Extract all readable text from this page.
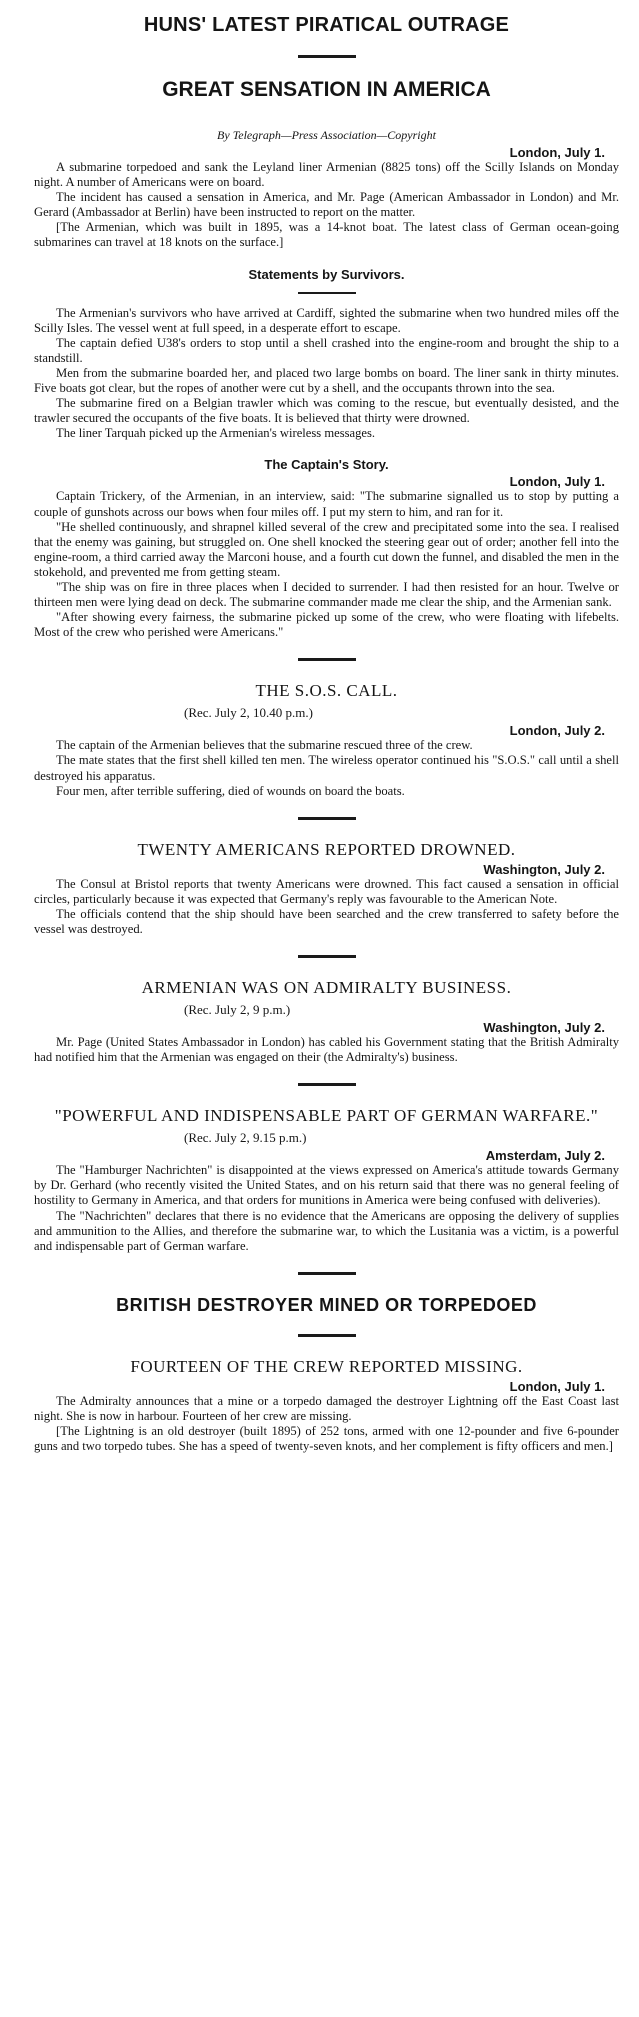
HUNS' LATEST PIRATICAL OUTRAGE
GREAT SENSATION IN AMERICA
By Telegraph—Press Association—Copyright
London, July 1.

A submarine torpedoed and sank the Leyland liner Armenian (8825 tons) off the Scilly Islands on Monday night. A number of Americans were on board.

The incident has caused a sensation in America, and Mr. Page (American Ambassador in London) and Mr. Gerard (Ambassador at Berlin) have been instructed to report on the matter.

[The Armenian, which was built in 1895, was a 14-knot boat. The latest class of German ocean-going submarines can travel at 18 knots on the surface.]

Statements by Survivors.

The Armenian's survivors who have arrived at Cardiff, sighted the submarine when two hundred miles off the Scilly Isles. The vessel went at full speed, in a desperate effort to escape.

The captain defied U38's orders to stop until a shell crashed into the engine-room and brought the ship to a standstill.

Men from the submarine boarded her, and placed two large bombs on board. The liner sank in thirty minutes. Five boats got clear, but the ropes of another were cut by a shell, and the occupants thrown into the sea.

The submarine fired on a Belgian trawler which was coming to the rescue, but eventually desisted, and the trawler secured the occupants of the five boats. It is believed that thirty were drowned.

The liner Tarquah picked up the Armenian's wireless messages.

The Captain's Story.
London, July 1.

Captain Trickery, of the Armenian, in an interview, said: "The submarine signalled us to stop by putting a couple of gunshots across our bows when four miles off. I put my stern to him, and ran for it.

"He shelled continuously, and shrapnel killed several of the crew and precipitated some into the sea. I realised that the enemy was gaining, but struggled on. One shell knocked the steering gear out of order; another fell into the engine-room, a third carried away the Marconi house, and a fourth cut down the funnel, and disabled the men in the stokehold, and prevented me from getting steam.

"The ship was on fire in three places when I decided to surrender. I had then resisted for an hour. Twelve or thirteen men were lying dead on deck. The submarine commander made me clear the ship, and the Armenian sank.

"After showing every fairness, the submarine picked up some of the crew, who were floating with lifebelts. Most of the crew who perished were Americans."

THE S.O.S. CALL.
(Rec. July 2, 10.40 p.m.)
London, July 2.

The captain of the Armenian believes that the submarine rescued three of the crew.

The mate states that the first shell killed ten men. The wireless operator continued his "S.O.S." call until a shell destroyed his apparatus.

Four men, after terrible suffering, died of wounds on board the boats.

TWENTY AMERICANS REPORTED DROWNED.
Washington, July 2.

The Consul at Bristol reports that twenty Americans were drowned. This fact caused a sensation in official circles, particularly because it was expected that Germany's reply was favourable to the American Note.

The officials contend that the ship should have been searched and the crew transferred to safety before the vessel was destroyed.

ARMENIAN WAS ON ADMIRALTY BUSINESS.
(Rec. July 2, 9 p.m.)
Washington, July 2.

Mr. Page (United States Ambassador in London) has cabled his Government stating that the British Admiralty had notified him that the Armenian was engaged on their (the Admiralty's) business.

"POWERFUL AND INDISPENSABLE PART OF GERMAN WARFARE."
(Rec. July 2, 9.15 p.m.)
Amsterdam, July 2.

The "Hamburger Nachrichten" is disappointed at the views expressed on America's attitude towards Germany by Dr. Gerhard (who recently visited the United States, and on his return said that there was no general feeling of hostility to Germany in America, and that orders for munitions in America were being confused with deliveries).

The "Nachrichten" declares that there is no evidence that the Americans are opposing the delivery of supplies and ammunition to the Allies, and therefore the submarine war, to which the Lusitania was a victim, is a powerful and indispensable part of German warfare.

BRITISH DESTROYER MINED OR TORPEDOED
FOURTEEN OF THE CREW REPORTED MISSING.
London, July 1.

The Admiralty announces that a mine or a torpedo damaged the destroyer Lightning off the East Coast last night. She is now in harbour. Fourteen of her crew are missing.

[The Lightning is an old destroyer (built 1895) of 252 tons, armed with one 12-pounder and five 6-pounder guns and two torpedo tubes. She has a speed of twenty-seven knots, and her complement is fifty officers and men.]
